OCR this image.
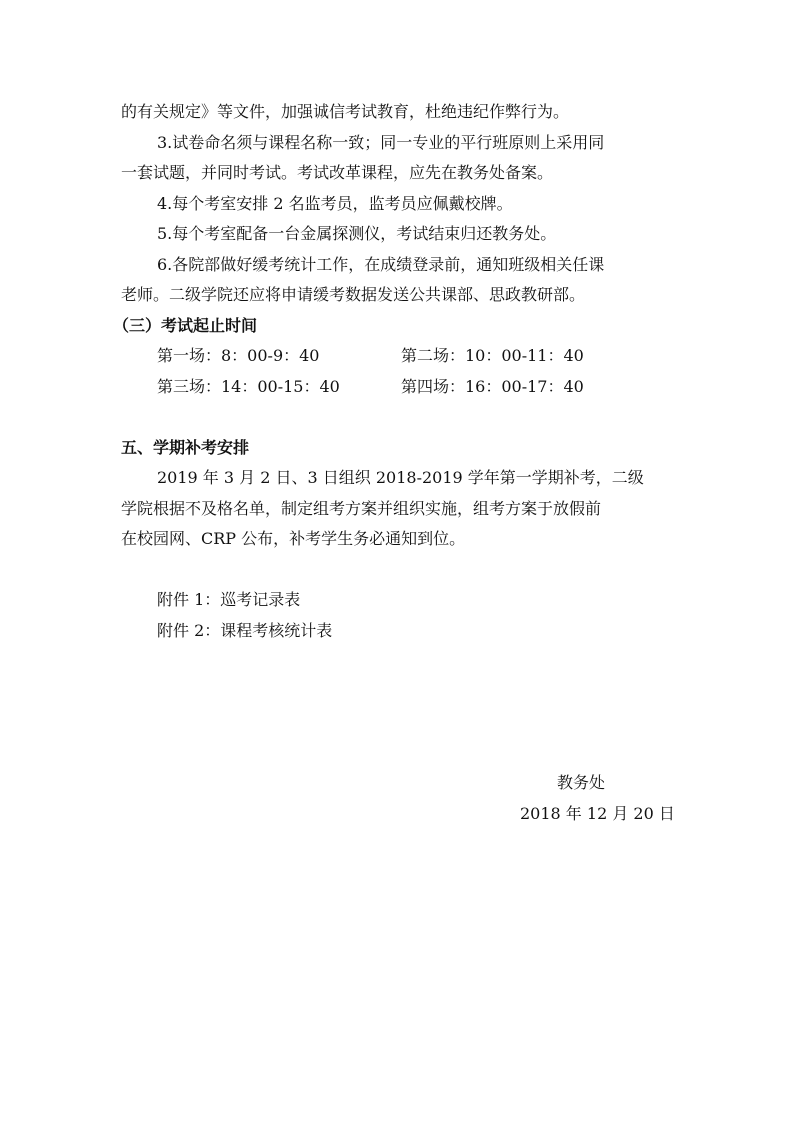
的有关规定》等文件，加强诚信考试教育，杜绝违纪作弊行为。
3.试卷命名须与课程名称一致；同一专业的平行班原则上采用同
一套试题，并同时考试。考试改革课程，应先在教务处备案。
4.每个考室安排 2 名监考员，监考员应佩戴校牌。
5.每个考室配备一台金属探测仪，考试结束归还教务处。
6.各院部做好缓考统计工作，在成绩登录前，通知班级相关任课
老师。二级学院还应将申请缓考数据发送公共课部、思政教研部。
（三）考试起止时间
第一场：8：00-9：40	第二场：10：00-11：40
第三场：14：00-15：40	第四场：16：00-17：40
五、学期补考安排
2019 年 3 月 2 日、3 日组织 2018-2019 学年第一学期补考，二级
学院根据不及格名单，制定组考方案并组织实施，组考方案于放假前
在校园网、CRP 公布，补考学生务必通知到位。
附件 1：巡考记录表
附件 2：课程考核统计表
教务处
2018 年 12 月 20 日
